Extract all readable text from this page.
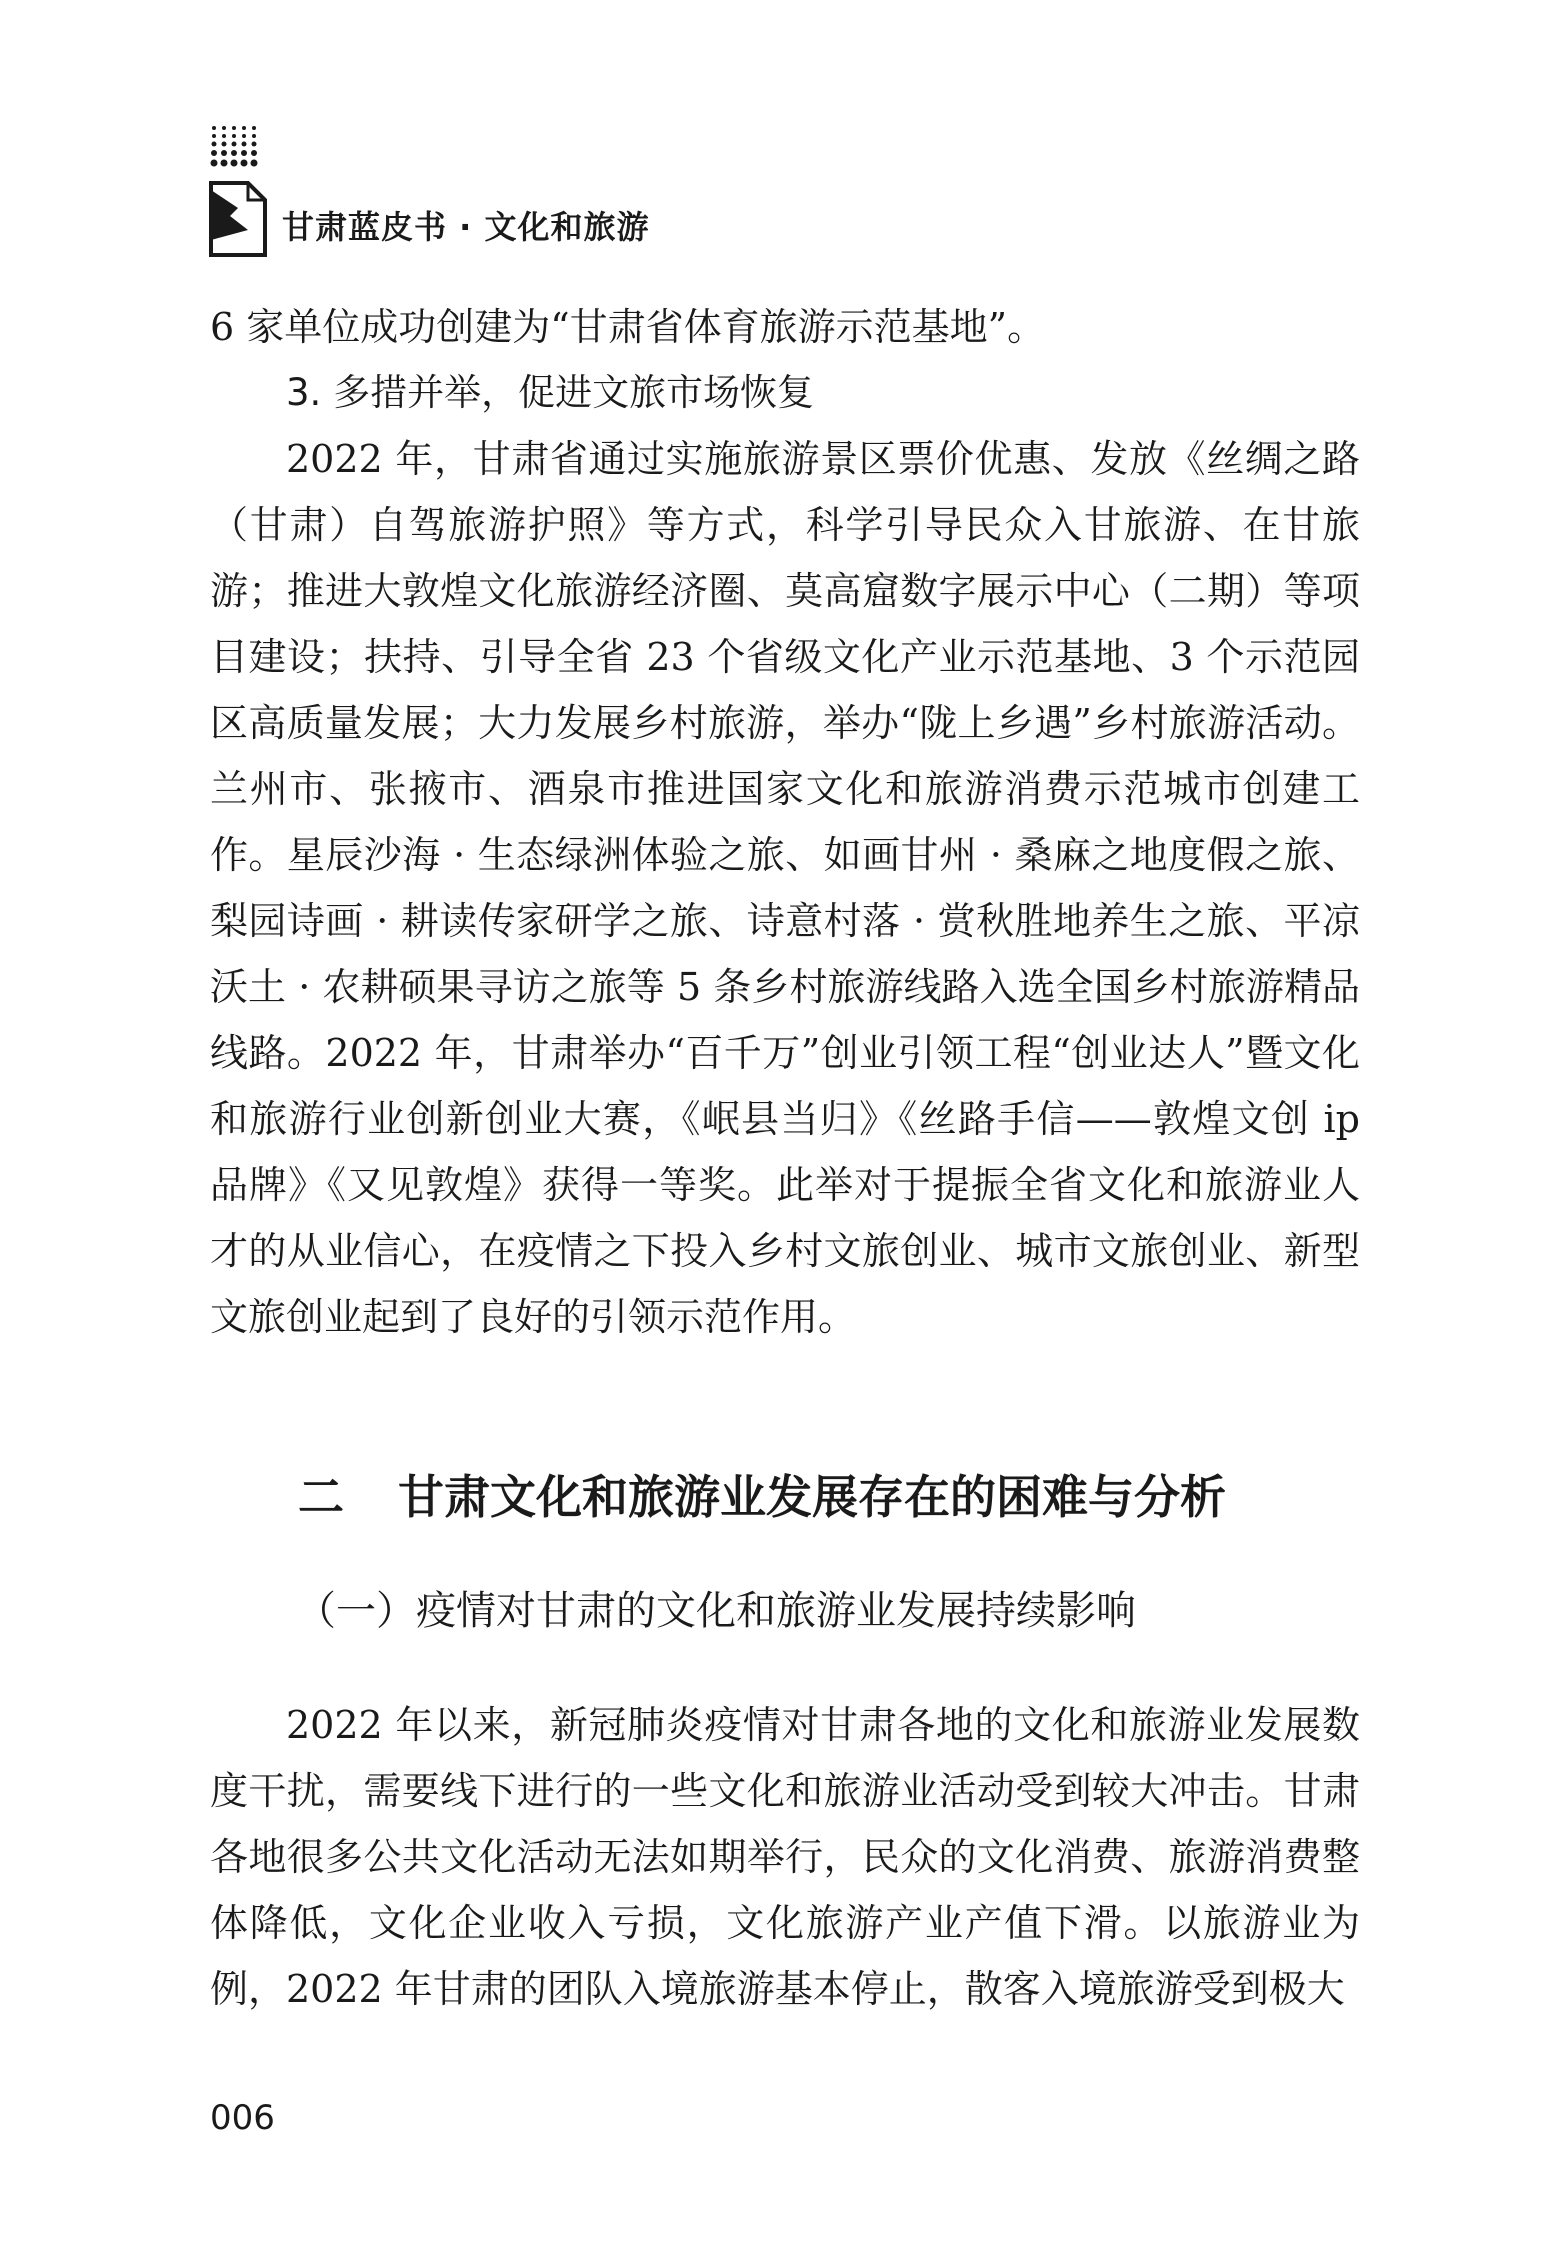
甘肃蓝皮书 · 文化和旅游

6 家单位成功创建为“甘肃省体育旅游示范基地”。

3. 多措并举，促进文旅市场恢复

2022 年，甘肃省通过实施旅游景区票价优惠、发放《丝绸之路（甘肃）自驾旅游护照》等方式，科学引导民众入甘旅游、在甘旅游；推进大敦煌文化旅游经济圈、莫高窟数字展示中心（二期）等项目建设；扶持、引导全省 23 个省级文化产业示范基地、3 个示范园区高质量发展；大力发展乡村旅游，举办“陇上乡遇”乡村旅游活动。兰州市、张掖市、酒泉市推进国家文化和旅游消费示范城市创建工作。星辰沙海 · 生态绿洲体验之旅、如画甘州 · 桑麻之地度假之旅、梨园诗画 · 耕读传家研学之旅、诗意村落 · 赏秋胜地养生之旅、平凉沃土 · 农耕硕果寻访之旅等 5 条乡村旅游线路入选全国乡村旅游精品线路。2022 年，甘肃举办“百千万”创业引领工程“创业达人”暨文化和旅游行业创新创业大赛，《岷县当归》《丝路手信——敦煌文创 ip 品牌》《又见敦煌》获得一等奖。此举对于提振全省文化和旅游业人才的从业信心，在疫情之下投入乡村文旅创业、城市文旅创业、新型文旅创业起到了良好的引领示范作用。

二 甘肃文化和旅游业发展存在的困难与分析
（一）疫情对甘肃的文化和旅游业发展持续影响

2022 年以来，新冠肺炎疫情对甘肃各地的文化和旅游业发展数度干扰，需要线下进行的一些文化和旅游业活动受到较大冲击。甘肃各地很多公共文化活动无法如期举行，民众的文化消费、旅游消费整体降低，文化企业收入亏损，文化旅游产业产值下滑。以旅游业为例，2022 年甘肃的团队入境旅游基本停止，散客入境旅游受到极大

006
